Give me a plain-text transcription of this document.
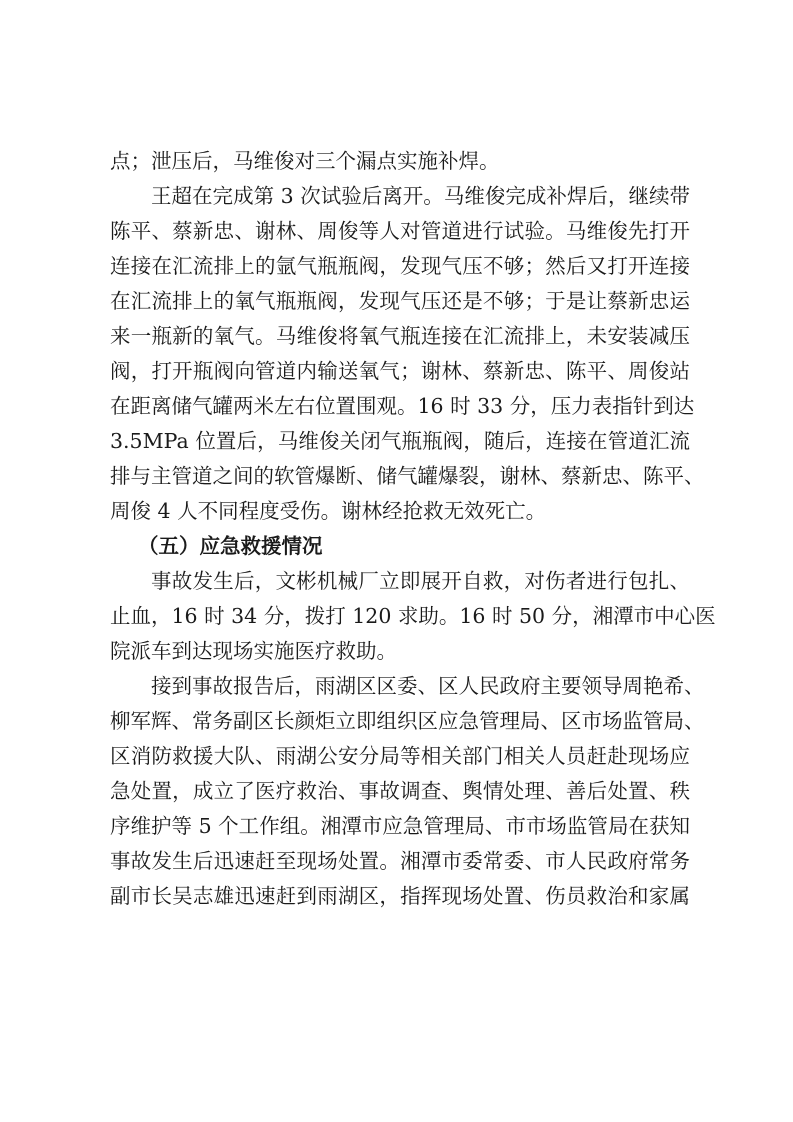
点；泄压后，马维俊对三个漏点实施补焊。
王超在完成第 3 次试验后离开。马维俊完成补焊后，继续带
陈平、蔡新忠、谢林、周俊等人对管道进行试验。马维俊先打开
连接在汇流排上的氩气瓶瓶阀，发现气压不够；然后又打开连接
在汇流排上的氧气瓶瓶阀，发现气压还是不够；于是让蔡新忠运
来一瓶新的氧气。马维俊将氧气瓶连接在汇流排上，未安装减压
阀，打开瓶阀向管道内输送氧气；谢林、蔡新忠、陈平、周俊站
在距离储气罐两米左右位置围观。16 时 33 分，压力表指针到达
3.5MPa 位置后，马维俊关闭气瓶瓶阀，随后，连接在管道汇流
排与主管道之间的软管爆断、储气罐爆裂，谢林、蔡新忠、陈平、
周俊 4 人不同程度受伤。谢林经抢救无效死亡。
（五）应急救援情况
事故发生后，文彬机械厂立即展开自救，对伤者进行包扎、
止血，16 时 34 分，拨打 120 求助。16 时 50 分，湘潭市中心医
院派车到达现场实施医疗救助。
接到事故报告后，雨湖区区委、区人民政府主要领导周艳希、
柳军辉、常务副区长颜炬立即组织区应急管理局、区市场监管局、
区消防救援大队、雨湖公安分局等相关部门相关人员赶赴现场应
急处置，成立了医疗救治、事故调查、舆情处理、善后处置、秩
序维护等 5 个工作组。湘潭市应急管理局、市市场监管局在获知
事故发生后迅速赶至现场处置。湘潭市委常委、市人民政府常务
副市长吴志雄迅速赶到雨湖区，指挥现场处置、伤员救治和家属
